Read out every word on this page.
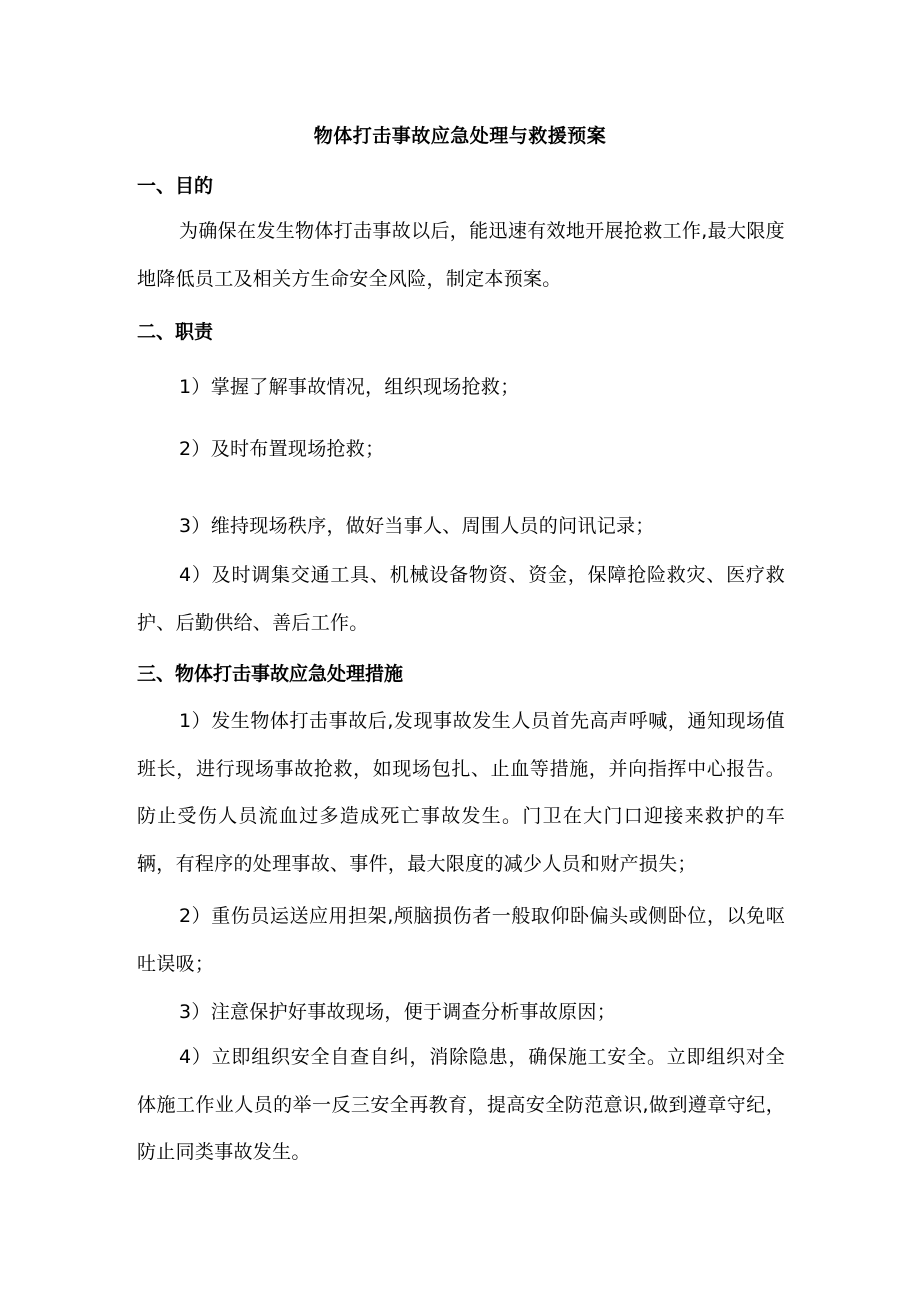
物体打击事故应急处理与救援预案
一、目的
为确保在发生物体打击事故以后，能迅速有效地开展抢救工作,最大限度地降低员工及相关方生命安全风险，制定本预案。
二、职责
1）掌握了解事故情况，组织现场抢救；
2）及时布置现场抢救；
3）维持现场秩序，做好当事人、周围人员的问讯记录；
4）及时调集交通工具、机械设备物资、资金，保障抢险救灾、医疗救护、后勤供给、善后工作。
三、物体打击事故应急处理措施
1）发生物体打击事故后,发现事故发生人员首先高声呼喊，通知现场值班长，进行现场事故抢救，如现场包扎、止血等措施，并向指挥中心报告。防止受伤人员流血过多造成死亡事故发生。门卫在大门口迎接来救护的车辆，有程序的处理事故、事件，最大限度的减少人员和财产损失；
2）重伤员运送应用担架,颅脑损伤者一般取仰卧偏头或侧卧位，以免呕吐误吸；
3）注意保护好事故现场，便于调查分析事故原因；
4）立即组织安全自查自纠，消除隐患，确保施工安全。立即组织对全体施工作业人员的举一反三安全再教育，提高安全防范意识,做到遵章守纪，防止同类事故发生。
